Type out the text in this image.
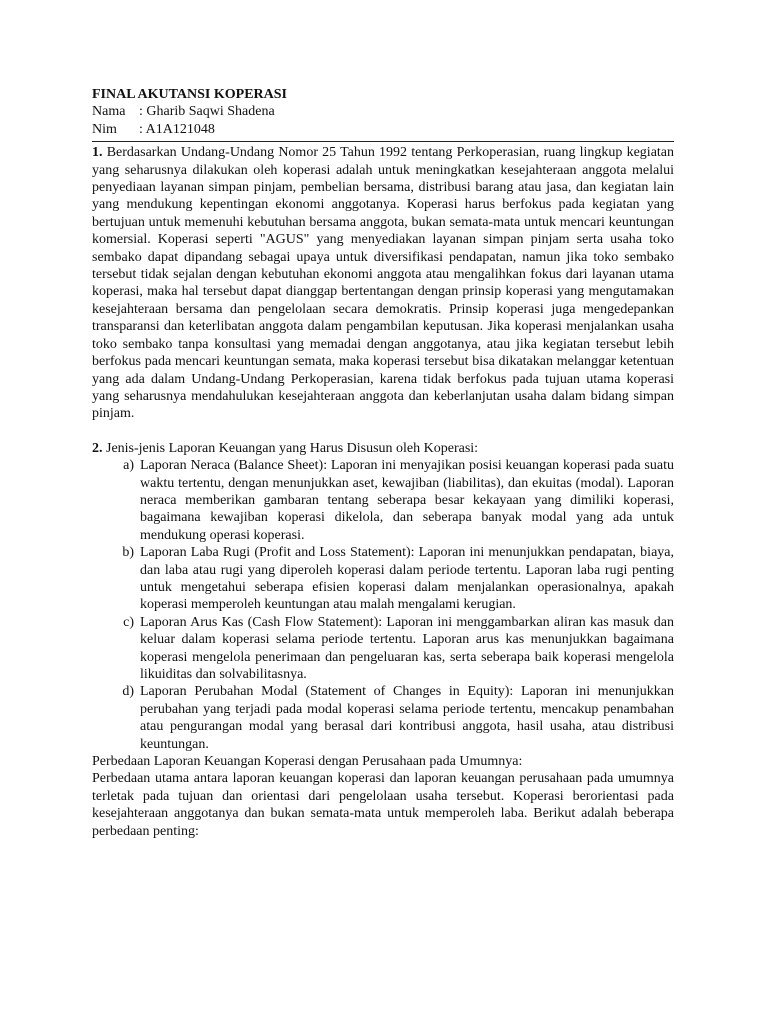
FINAL AKUTANSI KOPERASI

Nama : Gharib Saqwi Shadena
Nim	: A1A121048

1. Berdasarkan Undang-Undang Nomor 25 Tahun 1992 tentang Perkoperasian, ruang lingkup kegiatan yang seharusnya dilakukan oleh koperasi adalah untuk meningkatkan kesejahteraan anggota melalui penyediaan layanan simpan pinjam, pembelian bersama, distribusi barang atau jasa, dan kegiatan lain yang mendukung kepentingan ekonomi anggotanya. Koperasi harus berfokus pada kegiatan yang bertujuan untuk memenuhi kebutuhan bersama anggota, bukan semata-mata untuk mencari keuntungan komersial. Koperasi seperti "AGUS" yang menyediakan layanan simpan pinjam serta usaha toko sembako dapat dipandang sebagai upaya untuk diversifikasi pendapatan, namun jika toko sembako tersebut tidak sejalan dengan kebutuhan ekonomi anggota atau mengalihkan fokus dari layanan utama koperasi, maka hal tersebut dapat dianggap bertentangan dengan prinsip koperasi yang mengutamakan kesejahteraan bersama dan pengelolaan secara demokratis. Prinsip koperasi juga mengedepankan transparansi dan keterlibatan anggota dalam pengambilan keputusan. Jika koperasi menjalankan usaha toko sembako tanpa konsultasi yang memadai dengan anggotanya, atau jika kegiatan tersebut lebih berfokus pada mencari keuntungan semata, maka koperasi tersebut bisa dikatakan melanggar ketentuan yang ada dalam Undang-Undang Perkoperasian, karena tidak berfokus pada tujuan utama koperasi yang seharusnya mendahulukan kesejahteraan anggota dan keberlanjutan usaha dalam bidang simpan pinjam.

2. Jenis-jenis Laporan Keuangan yang Harus Disusun oleh Koperasi:

a) Laporan Neraca (Balance Sheet): Laporan ini menyajikan posisi keuangan koperasi pada suatu waktu tertentu, dengan menunjukkan aset, kewajiban (liabilitas), dan ekuitas (modal). Laporan neraca memberikan gambaran tentang seberapa besar kekayaan yang dimiliki koperasi, bagaimana kewajiban koperasi dikelola, dan seberapa banyak modal yang ada untuk mendukung operasi koperasi.
b) Laporan Laba Rugi (Profit and Loss Statement): Laporan ini menunjukkan pendapatan, biaya, dan laba atau rugi yang diperoleh koperasi dalam periode tertentu. Laporan laba rugi penting untuk mengetahui seberapa efisien koperasi dalam menjalankan operasionalnya, apakah koperasi memperoleh keuntungan atau malah mengalami kerugian.
c) Laporan Arus Kas (Cash Flow Statement): Laporan ini menggambarkan aliran kas masuk dan keluar dalam koperasi selama periode tertentu. Laporan arus kas menunjukkan bagaimana koperasi mengelola penerimaan dan pengeluaran kas, serta seberapa baik koperasi mengelola likuiditas dan solvabilitasnya.
d) Laporan Perubahan Modal (Statement of Changes in Equity): Laporan ini menunjukkan perubahan yang terjadi pada modal koperasi selama periode tertentu, mencakup penambahan atau pengurangan modal yang berasal dari kontribusi anggota, hasil usaha, atau distribusi keuntungan.

Perbedaan Laporan Keuangan Koperasi dengan Perusahaan pada Umumnya:

Perbedaan utama antara laporan keuangan koperasi dan laporan keuangan perusahaan pada umumnya terletak pada tujuan dan orientasi dari pengelolaan usaha tersebut. Koperasi berorientasi pada kesejahteraan anggotanya dan bukan semata-mata untuk memperoleh laba. Berikut adalah beberapa perbedaan penting:
